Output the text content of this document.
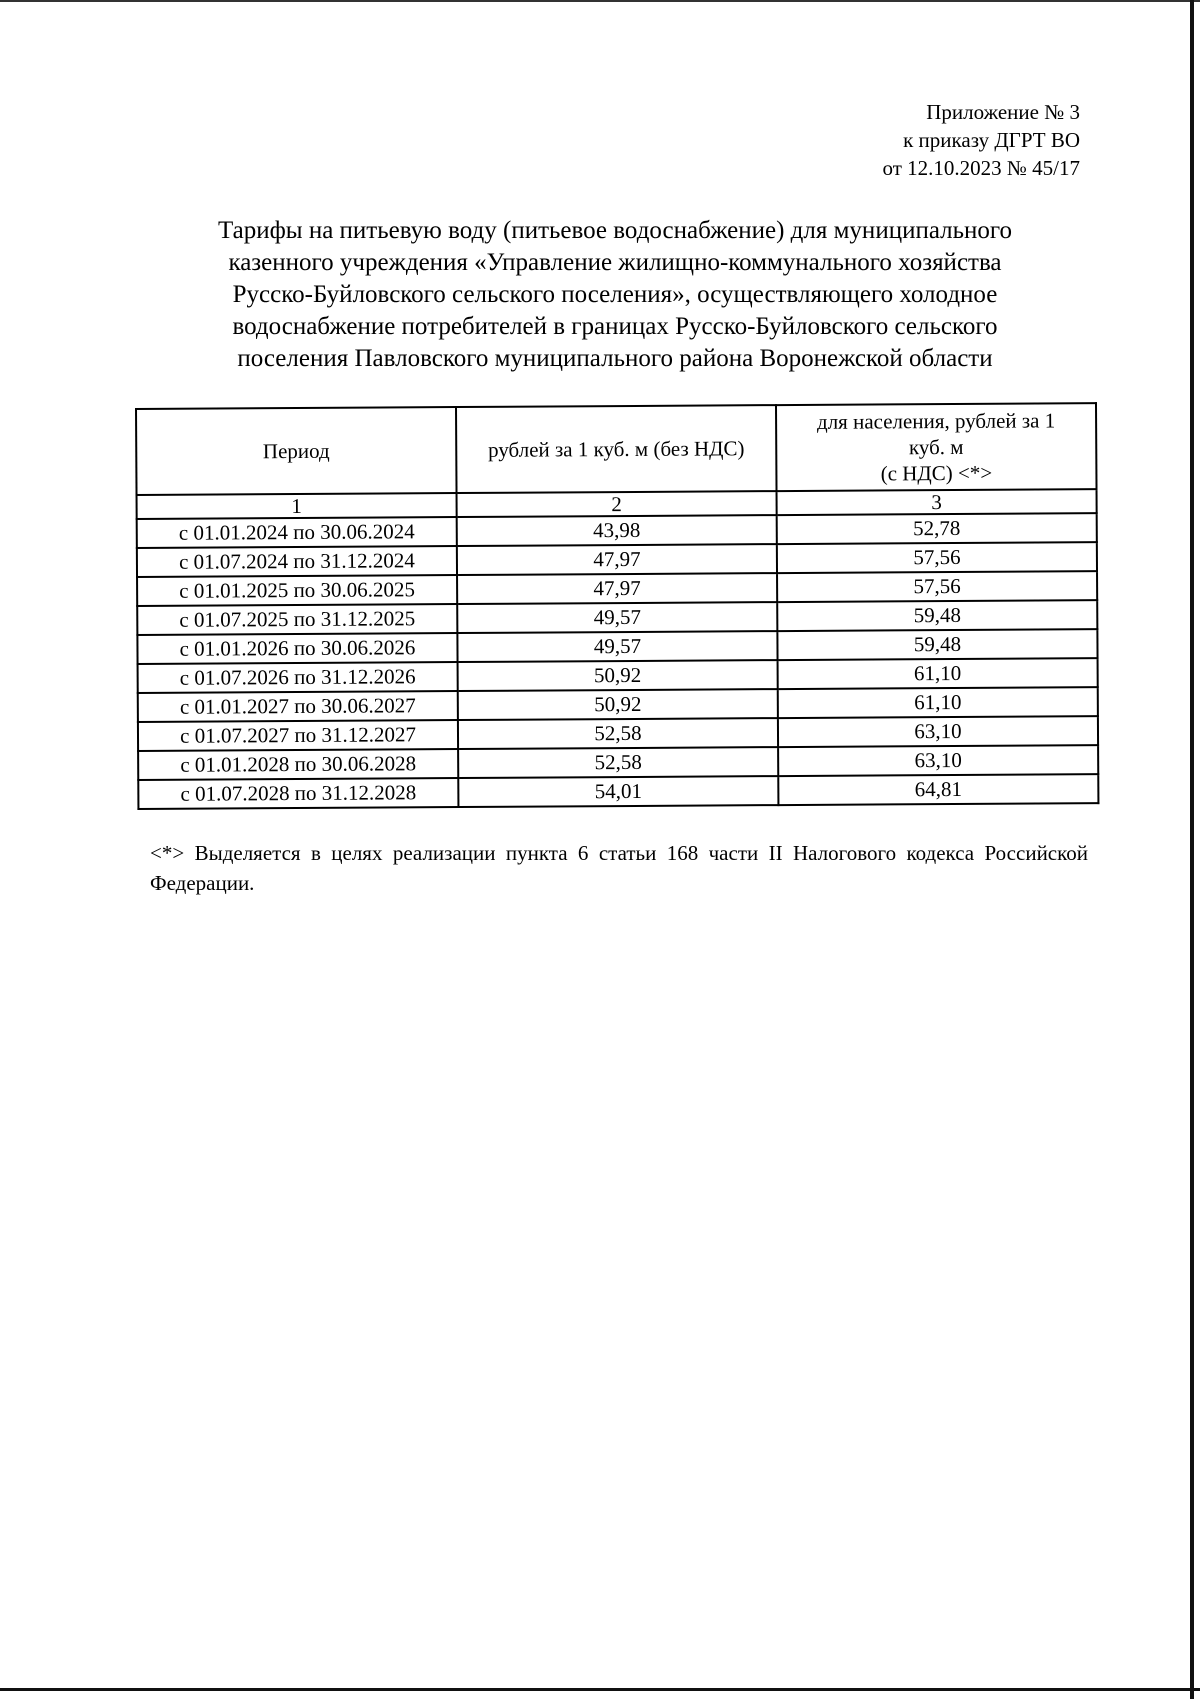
Приложение № 3
к приказу ДГРТ ВО
от 12.10.2023 № 45/17
Тарифы на питьевую воду (питьевое водоснабжение) для муниципального
казенного учреждения «Управление жилищно-коммунального хозяйства
Русско-Буйловского сельского поселения», осуществляющего холодное
водоснабжение потребителей в границах Русско-Буйловского сельского
поселения Павловского муниципального района Воронежской области
Период	рублей за 1 куб. м (без НДС)	для населения, рублей за 1
куб. м
(с НДС) <*>

1	2	3
с 01.01.2024 по 30.06.2024	43,98	52,78
с 01.07.2024 по 31.12.2024	47,97	57,56
с 01.01.2025 по 30.06.2025	47,97	57,56
с 01.07.2025 по 31.12.2025	49,57	59,48
с 01.01.2026 по 30.06.2026	49,57	59,48
с 01.07.2026 по 31.12.2026	50,92	61,10
с 01.01.2027 по 30.06.2027	50,92	61,10
с 01.07.2027 по 31.12.2027	52,58	63,10
с 01.01.2028 по 30.06.2028	52,58	63,10
с 01.07.2028 по 31.12.2028	54,01	64,81
<*> Выделяется в целях реализации пункта 6 статьи 168 части II Налогового кодекса Российской Федерации.
